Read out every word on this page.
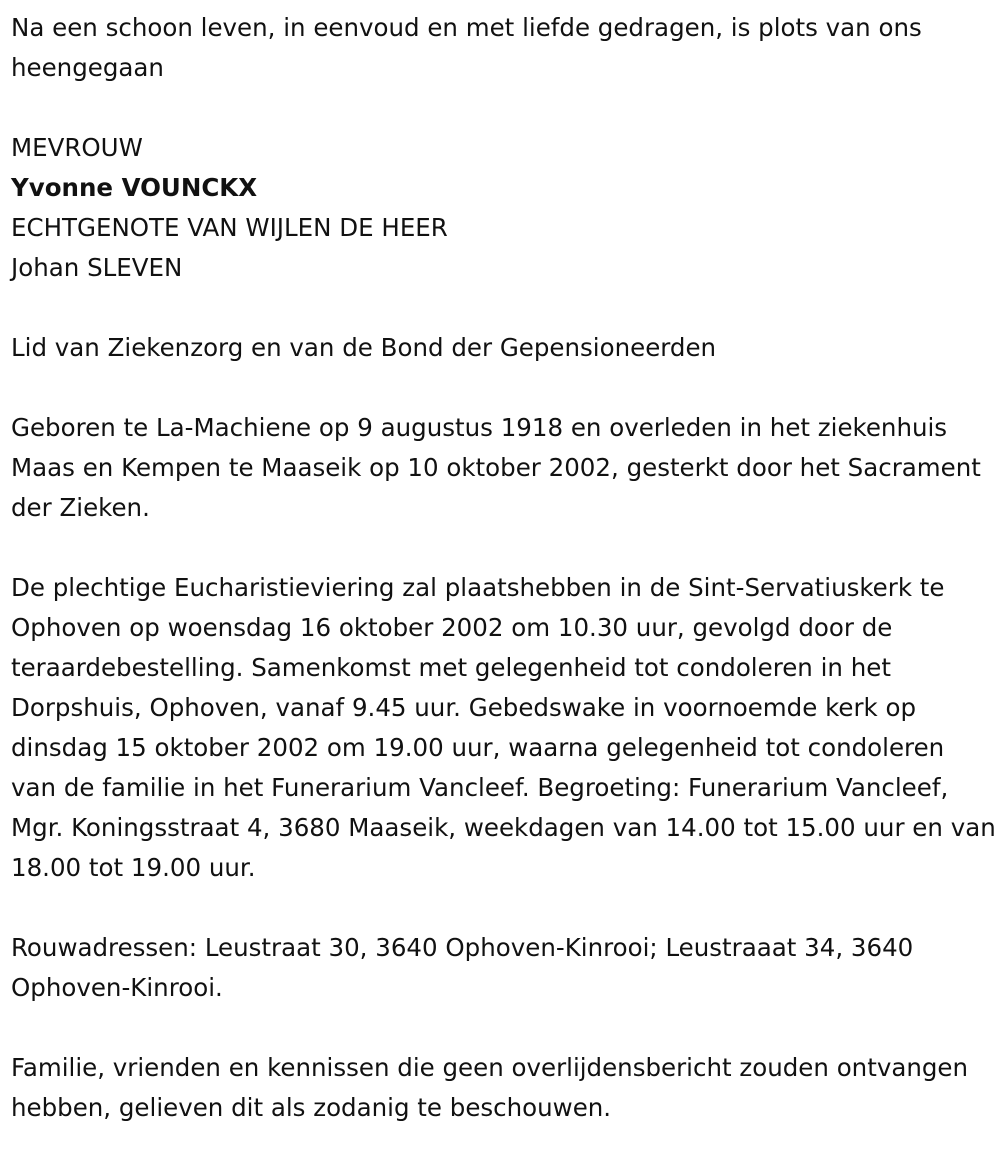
Na een schoon leven, in eenvoud en met liefde gedragen, is plots van ons heengegaan

MEVROUW

Yvonne VOUNCKX

ECHTGENOTE VAN WIJLEN DE HEER

Johan SLEVEN

Lid van Ziekenzorg en van de Bond der Gepensioneerden

Geboren te La-Machiene op 9 augustus 1918 en overleden in het ziekenhuis Maas en Kempen te Maaseik op 10 oktober 2002, gesterkt door het Sacrament der Zieken.

De plechtige Eucharistieviering zal plaatshebben in de Sint-Servatiuskerk te Ophoven op woensdag 16 oktober 2002 om 10.30 uur, gevolgd door de teraardebestelling. Samenkomst met gelegenheid tot condoleren in het Dorpshuis, Ophoven, vanaf 9.45 uur. Gebedswake in voornoemde kerk op dinsdag 15 oktober 2002 om 19.00 uur, waarna gelegenheid tot condoleren van de familie in het Funerarium Vancleef. Begroeting: Funerarium Vancleef, Mgr. Koningsstraat 4, 3680 Maaseik, weekdagen van 14.00 tot 15.00 uur en van 18.00 tot 19.00 uur.

Rouwadressen: Leustraat 30, 3640 Ophoven-Kinrooi; Leustraaat 34, 3640 Ophoven-Kinrooi.

Familie, vrienden en kennissen die geen overlijdensbericht zouden ontvangen hebben, gelieven dit als zodanig te beschouwen.
